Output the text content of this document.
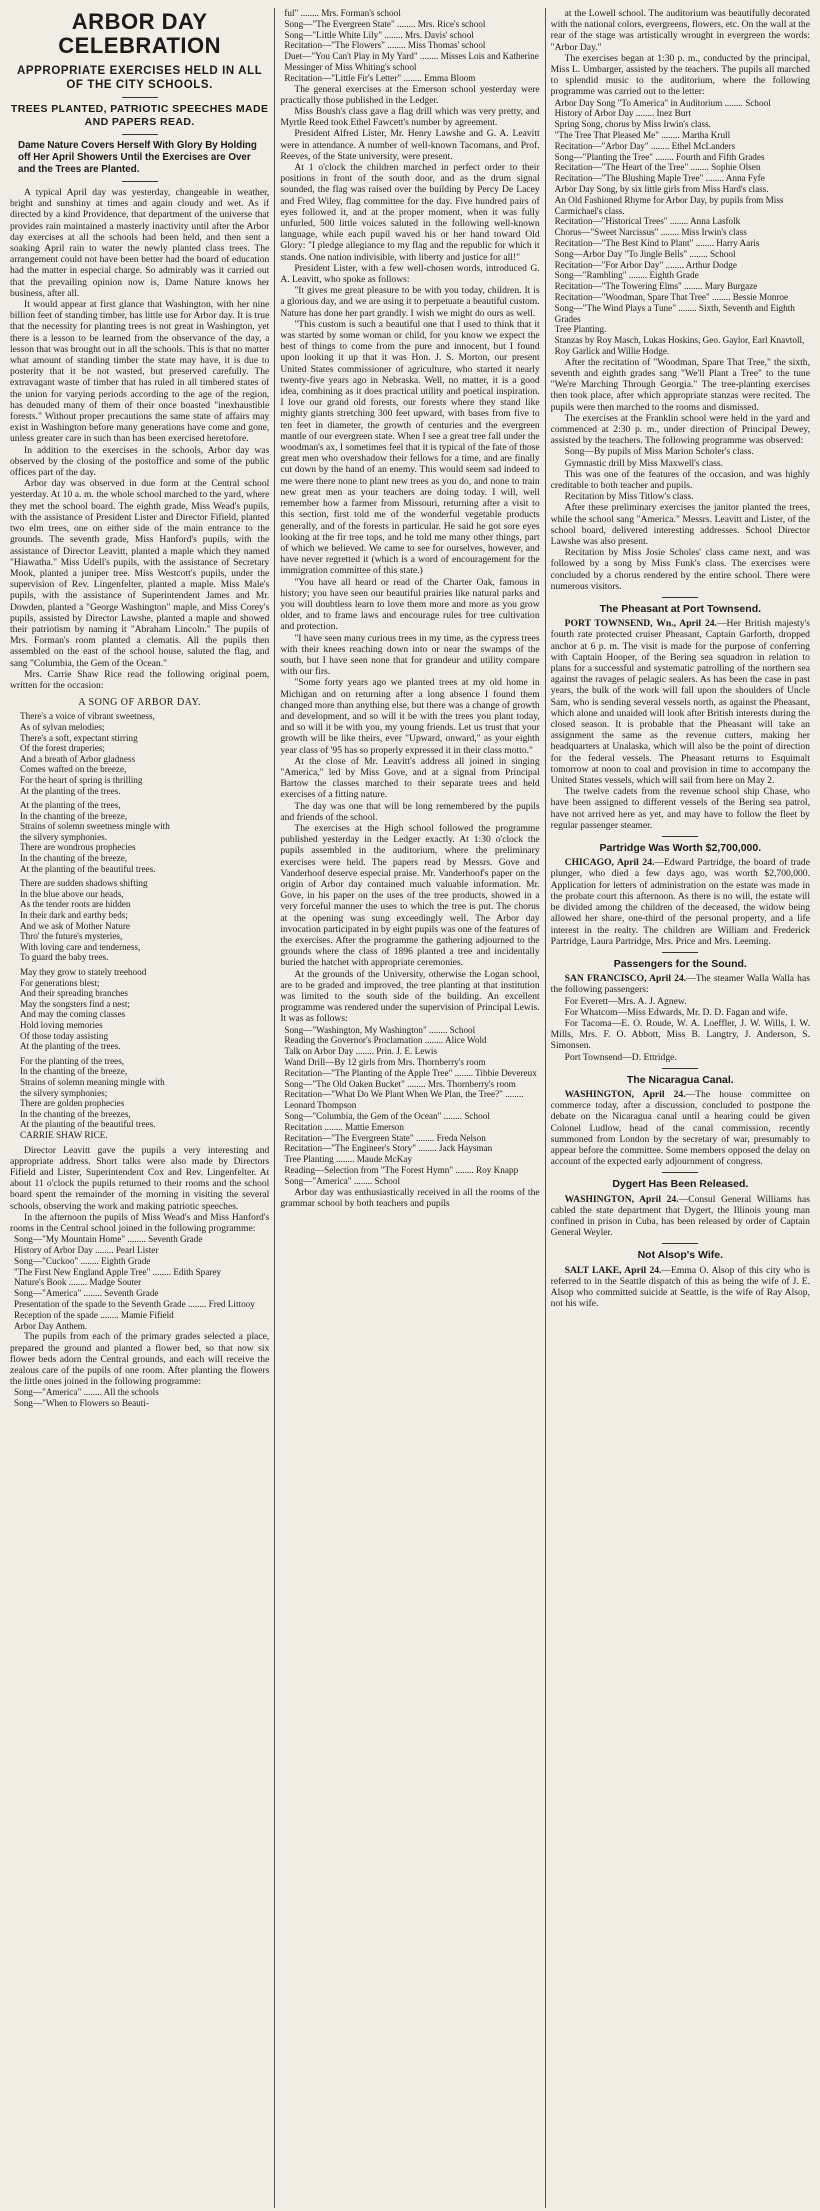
ARBOR DAY CELEBRATION
APPROPRIATE EXERCISES HELD IN ALL OF THE CITY SCHOOLS.
TREES PLANTED, PATRIOTIC SPEECHES MADE AND PAPERS READ.
Dame Nature Covers Herself With Glory By Holding off Her April Showers Until the Exercises are Over and the Trees are Planted.

A typical April day was yesterday, changeable in weather, bright and sunshiny at times and again cloudy and wet. As if directed by a kind Providence, that department of the universe that provides rain maintained a masterly inactivity until after the Arbor day exercises at all the schools had been held, and then sent a soaking April rain to water the newly planted class trees. The arrangement could not have been better had the board of education had the matter in especial charge. So admirably was it carried out that the prevailing opinion now is, Dame Nature knows her business, after all.

It would appear at first glance that Washington, with her nine billion feet of standing timber, has little use for Arbor day. It is true that the necessity for planting trees is not great in Washington, yet there is a lesson to be learned from the observance of the day, a lesson that was brought out in all the schools. This is that no matter what amount of standing timber the state may have, it is due to posterity that it be not wasted, but preserved carefully. The extravagant waste of timber that has ruled in all timbered states of the union for varying periods according to the age of the region, has denuded many of them of their once boasted "inexhaustible forests." Without proper precautions the same state of affairs may exist in Washington before many generations have come and gone, unless greater care in such than has been exercised heretofore.

In addition to the exercises in the schools, Arbor day was observed by the closing of the postoffice and some of the public offices part of the day.

Arbor day was observed in due form at the Central school yesterday. At 10 a. m. the whole school marched to the yard, where they met the school board. The eighth grade, Miss Wead's pupils, with the assistance of President Lister and Director Fifield, planted two elm trees, one on either side of the main entrance to the grounds. The seventh grade, Miss Hanford's pupils, with the assistance of Director Leavitt, planted a maple which they named "Hiawatha." Miss Udell's pupils, with the assistance of Secretary Mook, planted a juniper tree. Miss Westcott's pupils, under the supervision of Rev. Lingenfelter, planted a maple. Miss Male's pupils, with the assistance of Superintendent James and Mr. Dowden, planted a "George Washington" maple, and Miss Corey's pupils, assisted by Director Lawshe, planted a maple and showed their patriotism by naming it "Abraham Lincoln." The pupils of Mrs. Forman's room planted a clematis. All the pupils then assembled on the east of the school house, saluted the flag, and sang "Columbia, the Gem of the Ocean."

Mrs. Carrie Shaw Rice read the following original poem, written for the occasion:

A SONG OF ARBOR DAY.
There's a voice of vibrant sweetness,
As of sylvan melodies;
There's a soft, expectant stirring
Of the forest draperies;
And a breath of Arbor gladness
Comes wafted on the breeze,
For the heart of spring is thrilling
At the planting of the trees.
At the planting of the trees,
In the chanting of the breeze,
Strains of solemn sweetness mingle with
the silvery symphonies.
There are wondrous prophecies
In the chanting of the breeze,
At the planting of the beautiful trees.
There are sudden shadows shifting
In the blue above our heads,
As the tender roots are hidden
In their dark and earthy beds;
And we ask of Mother Nature
Thro' the future's mysteries,
With loving care and tenderness,
To guard the baby trees.
May they grow to stately treehood
For generations blest;
And their spreading branches
May the songsters find a nest;
And may the coming classes
Hold loving memories
Of those today assisting
At the planting of the trees.
For the planting of the trees,
In the chanting of the breeze,
Strains of solemn meaning mingle with
the silvery symphonies;
There are golden prophecies
In the chanting of the breezes,
At the planting of the beautiful trees.
CARRIE SHAW RICE.

Director Leavitt gave the pupils a very interesting and appropriate address. Short talks were also made by Directors Fifield and Lister, Superintendent Cox and Rev. Lingenfelter. At about 11 o'clock the pupils returned to their rooms and the school board spent the remainder of the morning in visiting the several schools, observing the work and making patriotic speeches.

In the afternoon the pupils of Miss Wead's and Miss Hanford's rooms in the Central school joined in the following programme:

Song—"My Mountain Home" ........ Seventh Grade

History of Arbor Day ........ Pearl Lister

Song—"Cuckoo" ........ Eighth Grade

"The First New England Apple Tree" ........ Edith Sparey

Nature's Book ........ Madge Souter

Song—"America" ........ Seventh Grade

Presentation of the spade to the Seventh Grade ........ Fred Littooy

Reception of the spade ........ Mamie Fifield

Arbor Day Anthem.

The pupils from each of the primary grades selected a place, prepared the ground and planted a flower bed, so that now six flower beds adorn the Central grounds, and each will receive the zealous care of the pupils of one room. After planting the flowers the little ones joined in the following programme:

Song—"America" ........ All the schools

Song—"When to Flowers so Beauti-

ful" ........ Mrs. Forman's school

Song—"The Evergreen State" ........ Mrs. Rice's school

Song—"Little White Lily" ........ Mrs. Davis' school

Recitation—"The Flowers" ........ Miss Thomas' school

Duet—"You Can't Play in My Yard" ........ Misses Lois and Katherine Messinger of Miss Whiting's school

Recitation—"Little Fir's Letter" ........ Emma Bloom

The general exercises at the Emerson school yesterday were practically those published in the Ledger.

Miss Boush's class gave a flag drill which was very pretty, and Myrtle Reed took Ethel Fawcett's number by agreement.

President Alfred Lister, Mr. Henry Lawshe and G. A. Leavitt were in attendance. A number of well-known Tacomans, and Prof. Reeves, of the State university, were present.

At 1 o'clock the children marched in perfect order to their positions in front of the south door, and as the drum signal sounded, the flag was raised over the building by Percy De Lacey and Fred Wiley, flag committee for the day. Five hundred pairs of eyes followed it, and at the proper moment, when it was fully unfurled, 500 little voices saluted in the following well-known language, while each pupil waved his or her hand toward Old Glory: "I pledge allegiance to my flag and the republic for which it stands. One nation indivisible, with liberty and justice for all!"

President Lister, with a few well-chosen words, introduced G. A. Leavitt, who spoke as follows:

"It gives me great pleasure to be with you today, children. It is a glorious day, and we are using it to perpetuate a beautiful custom. Nature has done her part grandly. I wish we might do ours as well.

"This custom is such a beautiful one that I used to think that it was started by some woman or child, for you know we expect the best of things to come from the pure and innocent, but I found upon looking it up that it was Hon. J. S. Morton, our present United States commissioner of agriculture, who started it nearly twenty-five years ago in Nebraska. Well, no matter, it is a good idea, combining as it does practical utility and poetical inspiration. I love our grand old forests, our forests where they stand like mighty giants stretching 300 feet upward, with bases from five to ten feet in diameter, the growth of centuries and the evergreen mantle of our evergreen state. When I see a great tree fall under the woodman's ax, I sometimes feel that it is typical of the fate of those great men who overshadow their fellows for a time, and are finally cut down by the hand of an enemy. This would seem sad indeed to me were there none to plant new trees as you do, and none to train new great men as your teachers are doing today. I will, well remember how a farmer from Missouri, returning after a visit to this section, first told me of the wonderful vegetable products generally, and of the forests in particular. He said he got sore eyes looking at the fir tree tops, and he told me many other things, part of which we believed. We came to see for ourselves, however, and have never regretted it (which is a word of encouragement for the immigration committee of this state.)

"You have all heard or read of the Charter Oak, famous in history; you have seen our beautiful prairies like natural parks and you will doubtless learn to love them more and more as you grow older, and to frame laws and encourage rules for tree cultivation and protection.

"I have seen many curious trees in my time, as the cypress trees with their knees reaching down into or near the swamps of the south, but I have seen none that for grandeur and utility compare with our firs.

"Some forty years ago we planted trees at my old home in Michigan and on returning after a long absence I found them changed more than anything else, but there was a change of growth and development, and so will it be with the trees you plant today, and so will it be with you, my young friends. Let us trust that your growth will be like theirs, ever "Upward, onward," as your eighth year class of '95 has so properly expressed it in their class motto."

At the close of Mr. Leavitt's address all joined in singing "America," led by Miss Gove, and at a signal from Principal Bartow the classes marched to their separate trees and held exercises of a fitting nature.

The day was one that will be long remembered by the pupils and friends of the school.

The exercises at the High school followed the programme published yesterday in the Ledger exactly. At 1:30 o'clock the pupils assembled in the auditorium, where the preliminary exercises were held. The papers read by Messrs. Gove and Vanderhoof deserve especial praise. Mr. Vanderhoof's paper on the origin of Arbor day contained much valuable information. Mr. Gove, in his paper on the uses of the tree products, showed in a very forceful manner the uses to which the tree is put. The chorus at the opening was sung exceedingly well. The Arbor day invocation participated in by eight pupils was one of the features of the exercises. After the programme the gathering adjourned to the grounds where the class of 1896 planted a tree and incidentally buried the hatchet with appropriate ceremonies.

At the grounds of the University, otherwise the Logan school, are to be graded and improved, the tree planting at that institution was limited to the south side of the building. An excellent programme was rendered under the supervision of Principal Lewis. It was as follows:

Song—"Washington, My Washington" ........ School

Reading the Governor's Proclamation ........ Alice Wold

Talk on Arbor Day ........ Prin. J. E. Lewis

Wand Drill—By 12 girls from Mrs. Thornberry's room

Recitation—"The Planting of the Apple Tree" ........ Tibbie Devereux

Song—"The Old Oaken Bucket" ........ Mrs. Thornberry's room

Recitation—"What Do We Plant When We Plan, the Tree?" ........ Leonard Thompson

Song—"Columbia, the Gem of the Ocean" ........ School

Recitation ........ Mattie Emerson

Recitation—"The Evergreen State" ........ Freda Nelson

Recitation—"The Engineer's Story" ........ Jack Haysman

Tree Planting ........ Maude McKay

Reading—Selection from "The Forest Hymn" ........ Roy Knapp

Song—"America" ........ School

Arbor day was enthusiastically received in all the rooms of the grammar school by both teachers and pupils

at the Lowell school. The auditorium was beautifully decorated with the national colors, evergreens, flowers, etc. On the wall at the rear of the stage was artistically wrought in evergreen the words: "Arbor Day."

The exercises began at 1:30 p. m., conducted by the principal, Miss L. Umbarger, assisted by the teachers. The pupils all marched to splendid music to the auditorium, where the following programme was carried out to the letter:

Arbor Day Song "To America" in Auditorium ........ School

History of Arbor Day ........ Inez Burt

Spring Song, chorus by Miss Irwin's class.

"The Tree That Pleased Me" ........ Martha Krull

Recitation—"Arbor Day" ........ Ethel McLanders

Song—"Planting the Tree" ........ Fourth and Fifth Grades

Recitation—"The Heart of the Tree" ........ Sophie Olsen

Recitation—"The Blushing Maple Tree" ........ Anna Fyfe

Arbor Day Song, by six little girls from Miss Hard's class.

An Old Fashioned Rhyme for Arbor Day, by pupils from Miss Carmichael's class.

Recitation—"Historical Trees" ........ Anna Lasfolk

Chorus—"Sweet Narcissus" ........ Miss Irwin's class

Recitation—"The Best Kind to Plant" ........ Harry Aaris

Song—Arbor Day "To Jingle Bells" ........ School

Recitation—"For Arbor Day" ........ Arthur Dodge

Song—"Rambling" ........ Eighth Grade

Recitation—"The Towering Elms" ........ Mary Burgaze

Recitation—"Woodman, Spare That Tree" ........ Bessie Monroe

Song—"The Wind Plays a Tune" ........ Sixth, Seventh and Eighth Grades

Tree Planting.

Stanzas by Roy Masch, Lukas Hoskins, Geo. Gaylor, Earl Knavtoll, Roy Garlick and Willie Hodge.

After the recitation of "Woodman, Spare That Tree," the sixth, seventh and eighth grades sang "We'll Plant a Tree" to the tune "We're Marching Through Georgia." The tree-planting exercises then took place, after which appropriate stanzas were recited. The pupils were then marched to the rooms and dismissed.

The exercises at the Franklin school were held in the yard and commenced at 2:30 p. m., under direction of Principal Dewey, assisted by the teachers. The following programme was observed:

Song—By pupils of Miss Marion Scholer's class.

Gymnastic drill by Miss Maxwell's class.

This was one of the features of the occasion, and was highly creditable to both teacher and pupils.

Recitation by Miss Titlow's class.

After these preliminary exercises the janitor planted the trees, while the school sang "America." Messrs. Leavitt and Lister, of the school board, delivered interesting addresses. School Director Lawshe was also present.

Recitation by Miss Josie Scholes' class came next, and was followed by a song by Miss Funk's class. The exercises were concluded by a chorus rendered by the entire school. There were numerous visitors.

The Pheasant at Port Townsend.

PORT TOWNSEND, Wn., April 24.—Her British majesty's fourth rate protected cruiser Pheasant, Captain Garforth, dropped anchor at 6 p. m. The visit is made for the purpose of conferring with Captain Hooper, of the Bering sea squadron in relation to plans for a successful and systematic patrolling of the northern sea against the ravages of pelagic sealers. As has been the case in past years, the bulk of the work will fall upon the shoulders of Uncle Sam, who is sending several vessels north, as against the Pheasant, which alone and unaided will look after British interests during the closed season. It is probable that the Pheasant will take an assignment the same as the revenue cutters, making her headquarters at Unalaska, which will also be the point of direction for the federal vessels. The Pheasant returns to Esquimalt tomorrow at noon to coal and provision in time to accompany the United States vessels, which will sail from here on May 2.

The twelve cadets from the revenue school ship Chase, who have been assigned to different vessels of the Bering sea patrol, have not arrived here as yet, and may have to follow the fleet by regular passenger steamer.

Partridge Was Worth $2,700,000.

CHICAGO, April 24.—Edward Partridge, the board of trade plunger, who died a few days ago, was worth $2,700,000. Application for letters of administration on the estate was made in the probate court this afternoon. As there is no will, the estate will be divided among the children of the deceased, the widow being allowed her share, one-third of the personal property, and a life interest in the realty. The children are William and Frederick Partridge, Laura Partridge, Mrs. Price and Mrs. Leeming.

Passengers for the Sound.

SAN FRANCISCO, April 24.—The steamer Walla Walla has the following passengers:

For Everett—Mrs. A. J. Agnew.

For Whatcom—Miss Edwards, Mr. D. D. Fagan and wife.

For Tacoma—E. O. Roude, W. A. Loeffler, J. W. Wills, I. W. Mills, Mrs. F. O. Abbott, Miss B. Langtry, J. Anderson, S. Simonsen.

Port Townsend—D. Ettridge.

The Nicaragua Canal.

WASHINGTON, April 24.—The house committee on commerce today, after a discussion, concluded to postpone the debate on the Nicaragua canal until a hearing could be given Colonel Ludlow, head of the canal commission, recently summoned from London by the secretary of war, presumably to appear before the committee. Some members opposed the delay on account of the expected early adjournment of congress.

Dygert Has Been Released.

WASHINGTON, April 24.—Consul General Williams has cabled the state department that Dygert, the Illinois young man confined in prison in Cuba, has been released by order of Captain General Weyler.

Not Alsop's Wife.

SALT LAKE, April 24.—Emma O. Alsop of this city who is referred to in the Seattle dispatch of this as being the wife of J. E. Alsop who committed suicide at Seattle, is the wife of Ray Alsop, not his wife.
